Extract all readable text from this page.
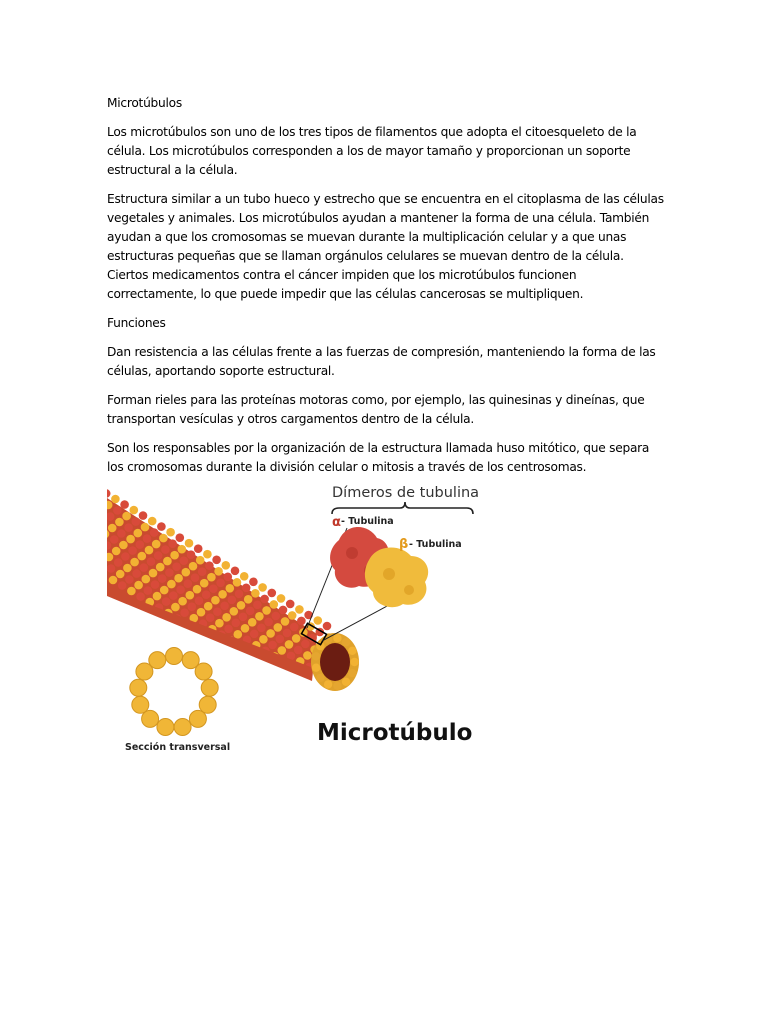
Microtúbulos

Los microtúbulos son uno de los tres tipos de filamentos que adopta el citoesqueleto de la célula. Los microtúbulos corresponden a los de mayor tamaño y proporcionan un soporte estructural a la célula.

Estructura similar a un tubo hueco y estrecho que se encuentra en el citoplasma de las células vegetales y animales. Los microtúbulos ayudan a mantener la forma de una célula. También ayudan a que los cromosomas se muevan durante la multiplicación celular y a que unas estructuras pequeñas que se llaman orgánulos celulares se muevan dentro de la célula. Ciertos medicamentos contra el cáncer impiden que los microtúbulos funcionen correctamente, lo que puede impedir que las células cancerosas se multipliquen.

Funciones

Dan resistencia a las células frente a las fuerzas de compresión, manteniendo la forma de las células, aportando soporte estructural.

Forman rieles para las proteínas motoras como, por ejemplo, las quinesinas y dineínas, que transportan vesículas y otros cargamentos dentro de la célula.

Son los responsables por la organización de la estructura llamada huso mitótico, que separa los cromosomas durante la división celular o mitosis a través de los centrosomas.

Dímeros de tubulina
α - Tubulina
β - Tubulina
Sección transversal
Microtúbulo
